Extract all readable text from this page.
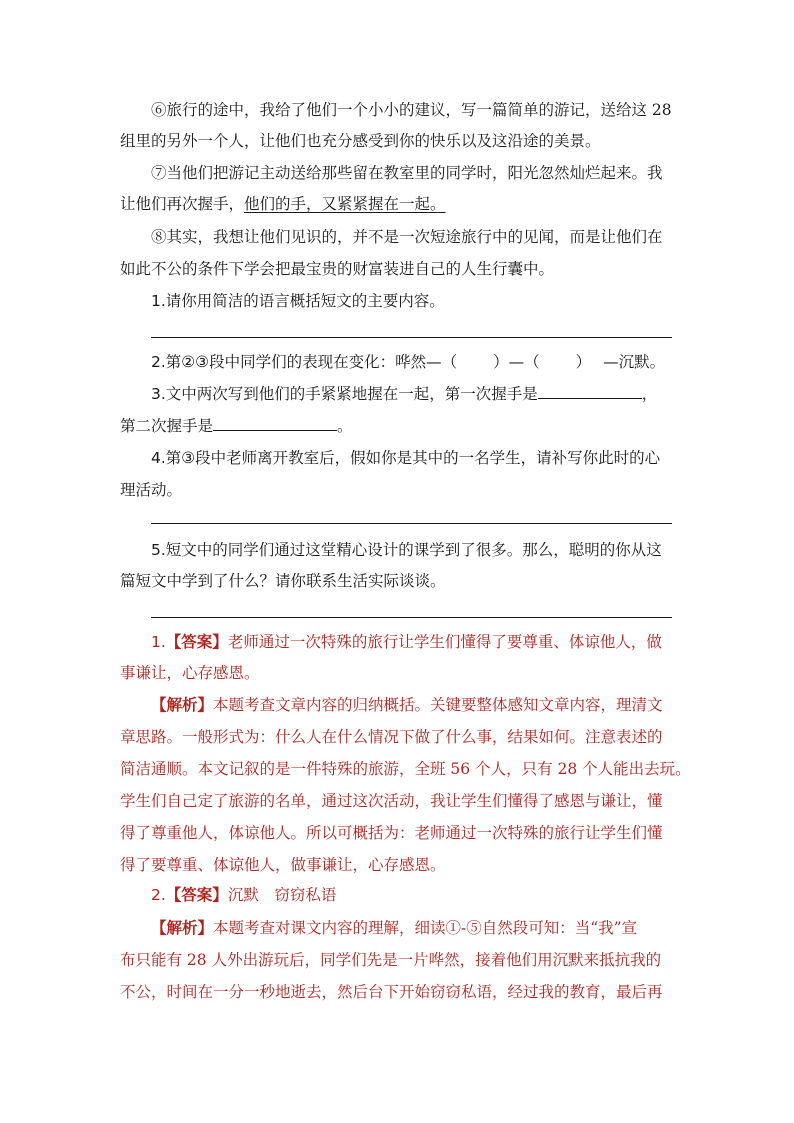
⑥旅行的途中，我给了他们一个小小的建议，写一篇简单的游记，送给这 28
组里的另外一个人，让他们也充分感受到你的快乐以及这沿途的美景。
⑦当他们把游记主动送给那些留在教室里的同学时，阳光忽然灿烂起来。我
让他们再次握手，他们的手，又紧紧握在一起。
⑧其实，我想让他们见识的，并不是一次短途旅行中的见闻，而是让他们在
如此不公的条件下学会把最宝贵的财富装进自己的人生行囊中。
1.请你用简洁的语言概括短文的主要内容。
2.第②③段中同学们的表现在变化：哗然—（ ）—（ ） —沉默。
3.文中两次写到他们的手紧紧地握在一起，第一次握手是	，
第二次握手是	。
4.第③段中老师离开教室后，假如你是其中的一名学生，请补写你此时的心
理活动。
5.短文中的同学们通过这堂精心设计的课学到了很多。那么，聪明的你从这
篇短文中学到了什么？请你联系生活实际谈谈。
1.【答案】老师通过一次特殊的旅行让学生们懂得了要尊重、体谅他人，做
事谦让，心存感恩。
【解析】本题考查文章内容的归纳概括。关键要整体感知文章内容，理清文
章思路。一般形式为：什么人在什么情况下做了什么事，结果如何。注意表述的
简洁通顺。本文记叙的是一件特殊的旅游，全班 56 个人，只有 28 个人能出去玩。
学生们自己定了旅游的名单，通过这次活动，我让学生们懂得了感恩与谦让，懂
得了尊重他人，体谅他人。所以可概括为：老师通过一次特殊的旅行让学生们懂
得了要尊重、体谅他人，做事谦让，心存感恩。
2.【答案】沉默　窃窃私语
【解析】本题考查对课文内容的理解，细读①-⑤自然段可知：当“我”宣
布只能有 28 人外出游玩后，同学们先是一片哗然，接着他们用沉默来抵抗我的
不公，时间在一分一秒地逝去，然后台下开始窃窃私语，经过我的教育，最后再
